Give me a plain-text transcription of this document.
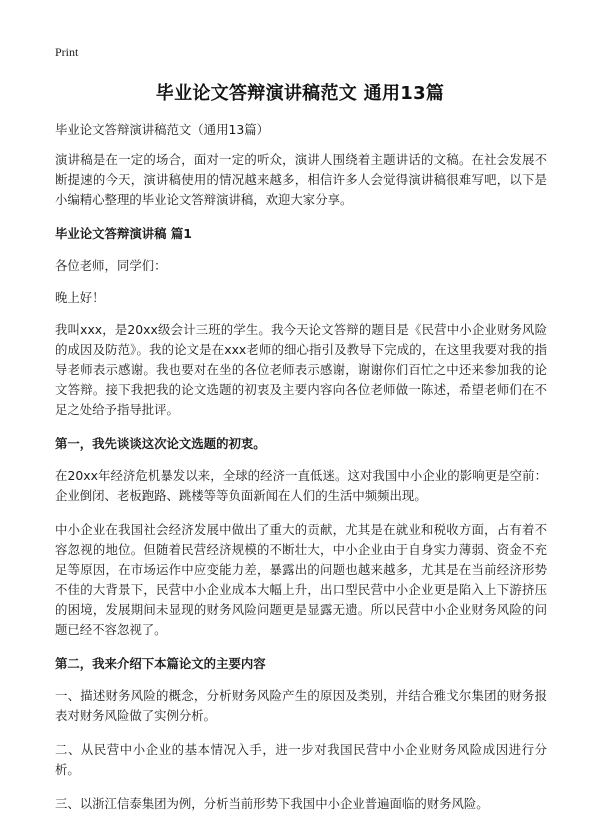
Print
毕业论文答辩演讲稿范文 通用13篇

毕业论文答辩演讲稿范文（通用13篇）

演讲稿是在一定的场合，面对一定的听众，演讲人围绕着主题讲话的文稿。在社会发展不断提速的今天，演讲稿使用的情况越来越多，相信许多人会觉得演讲稿很难写吧，以下是小编精心整理的毕业论文答辩演讲稿，欢迎大家分享。

毕业论文答辩演讲稿 篇1

各位老师，同学们：

晚上好！

我叫xxx，是20xx级会计三班的学生。我今天论文答辩的题目是《民营中小企业财务风险的成因及防范》。我的论文是在xxx老师的细心指引及教导下完成的，在这里我要对我的指导老师表示感谢。我也要对在坐的各位老师表示感谢，谢谢你们百忙之中还来参加我的论文答辩。接下我把我的论文选题的初衷及主要内容向各位老师做一陈述，希望老师们在不足之处给予指导批评。

第一，我先谈谈这次论文选题的初衷。

在20xx年经济危机暴发以来，全球的经济一直低迷。这对我国中小企业的影响更是空前：企业倒闭、老板跑路、跳楼等等负面新闻在人们的生活中频频出现。

中小企业在我国社会经济发展中做出了重大的贡献，尤其是在就业和税收方面，占有着不容忽视的地位。但随着民营经济规模的不断壮大，中小企业由于自身实力薄弱、资金不充足等原因，在市场运作中应变能力差，暴露出的问题也越来越多，尤其是在当前经济形势不佳的大背景下，民营中小企业成本大幅上升，出口型民营中小企业更是陷入上下游挤压的困境，发展期间未显现的财务风险问题更是显露无遗。所以民营中小企业财务风险的问题已经不容忽视了。

第二，我来介绍下本篇论文的主要内容

一、描述财务风险的概念，分析财务风险产生的原因及类别，并结合雅戈尔集团的财务报表对财务风险做了实例分析。

二、从民营中小企业的基本情况入手，进一步对我国民营中小企业财务风险成因进行分析。

三、以浙江信泰集团为例，分析当前形势下我国中小企业普遍面临的财务风险。
